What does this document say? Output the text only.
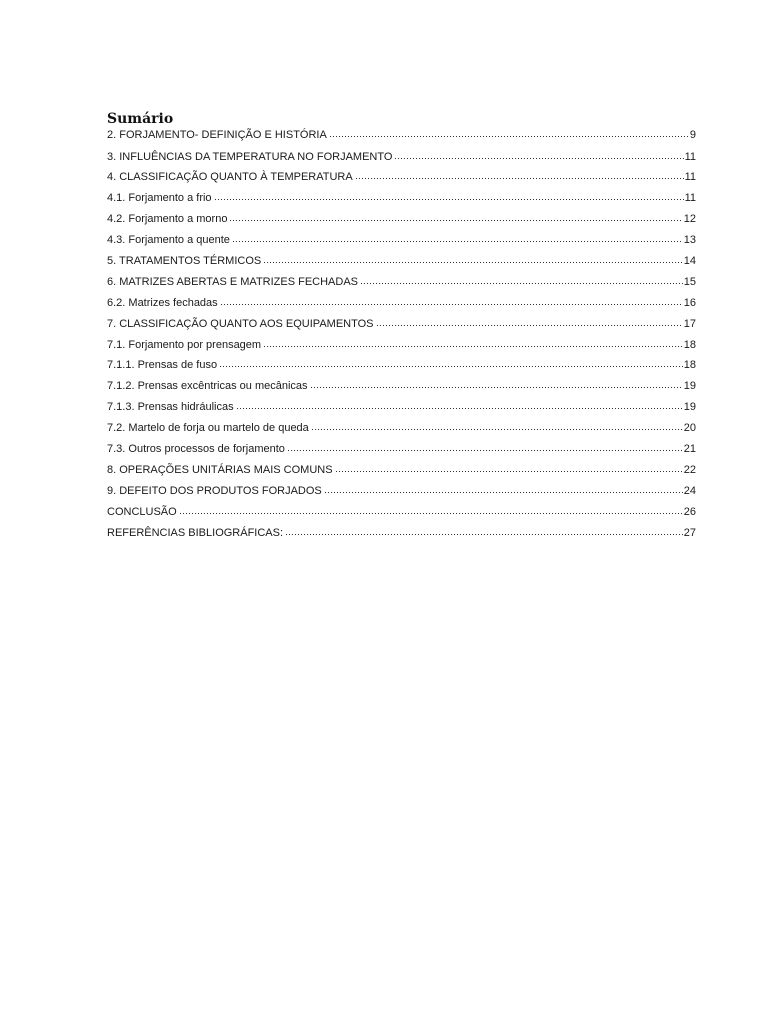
Sumário
2. FORJAMENTO- DEFINIÇÃO E HISTÓRIA	9
3. INFLUÊNCIAS DA TEMPERATURA NO FORJAMENTO	11
4. CLASSIFICAÇÃO QUANTO À TEMPERATURA	11
4.1. Forjamento a frio	11
4.2. Forjamento a morno	12
4.3. Forjamento a quente	13
5. TRATAMENTOS TÉRMICOS	14
6. MATRIZES ABERTAS E MATRIZES FECHADAS	15
6.2. Matrizes fechadas	16
7. CLASSIFICAÇÃO QUANTO AOS EQUIPAMENTOS	17
7.1. Forjamento por prensagem	18
7.1.1. Prensas de fuso	18
7.1.2. Prensas excêntricas ou mecânicas	19
7.1.3. Prensas hidráulicas	19
7.2. Martelo de forja ou martelo de queda	20
7.3. Outros processos de forjamento	21
8. OPERAÇÕES UNITÁRIAS MAIS COMUNS	22
9. DEFEITO DOS PRODUTOS FORJADOS	24
CONCLUSÃO	26
REFERÊNCIAS BIBLIOGRÁFICAS:	27
